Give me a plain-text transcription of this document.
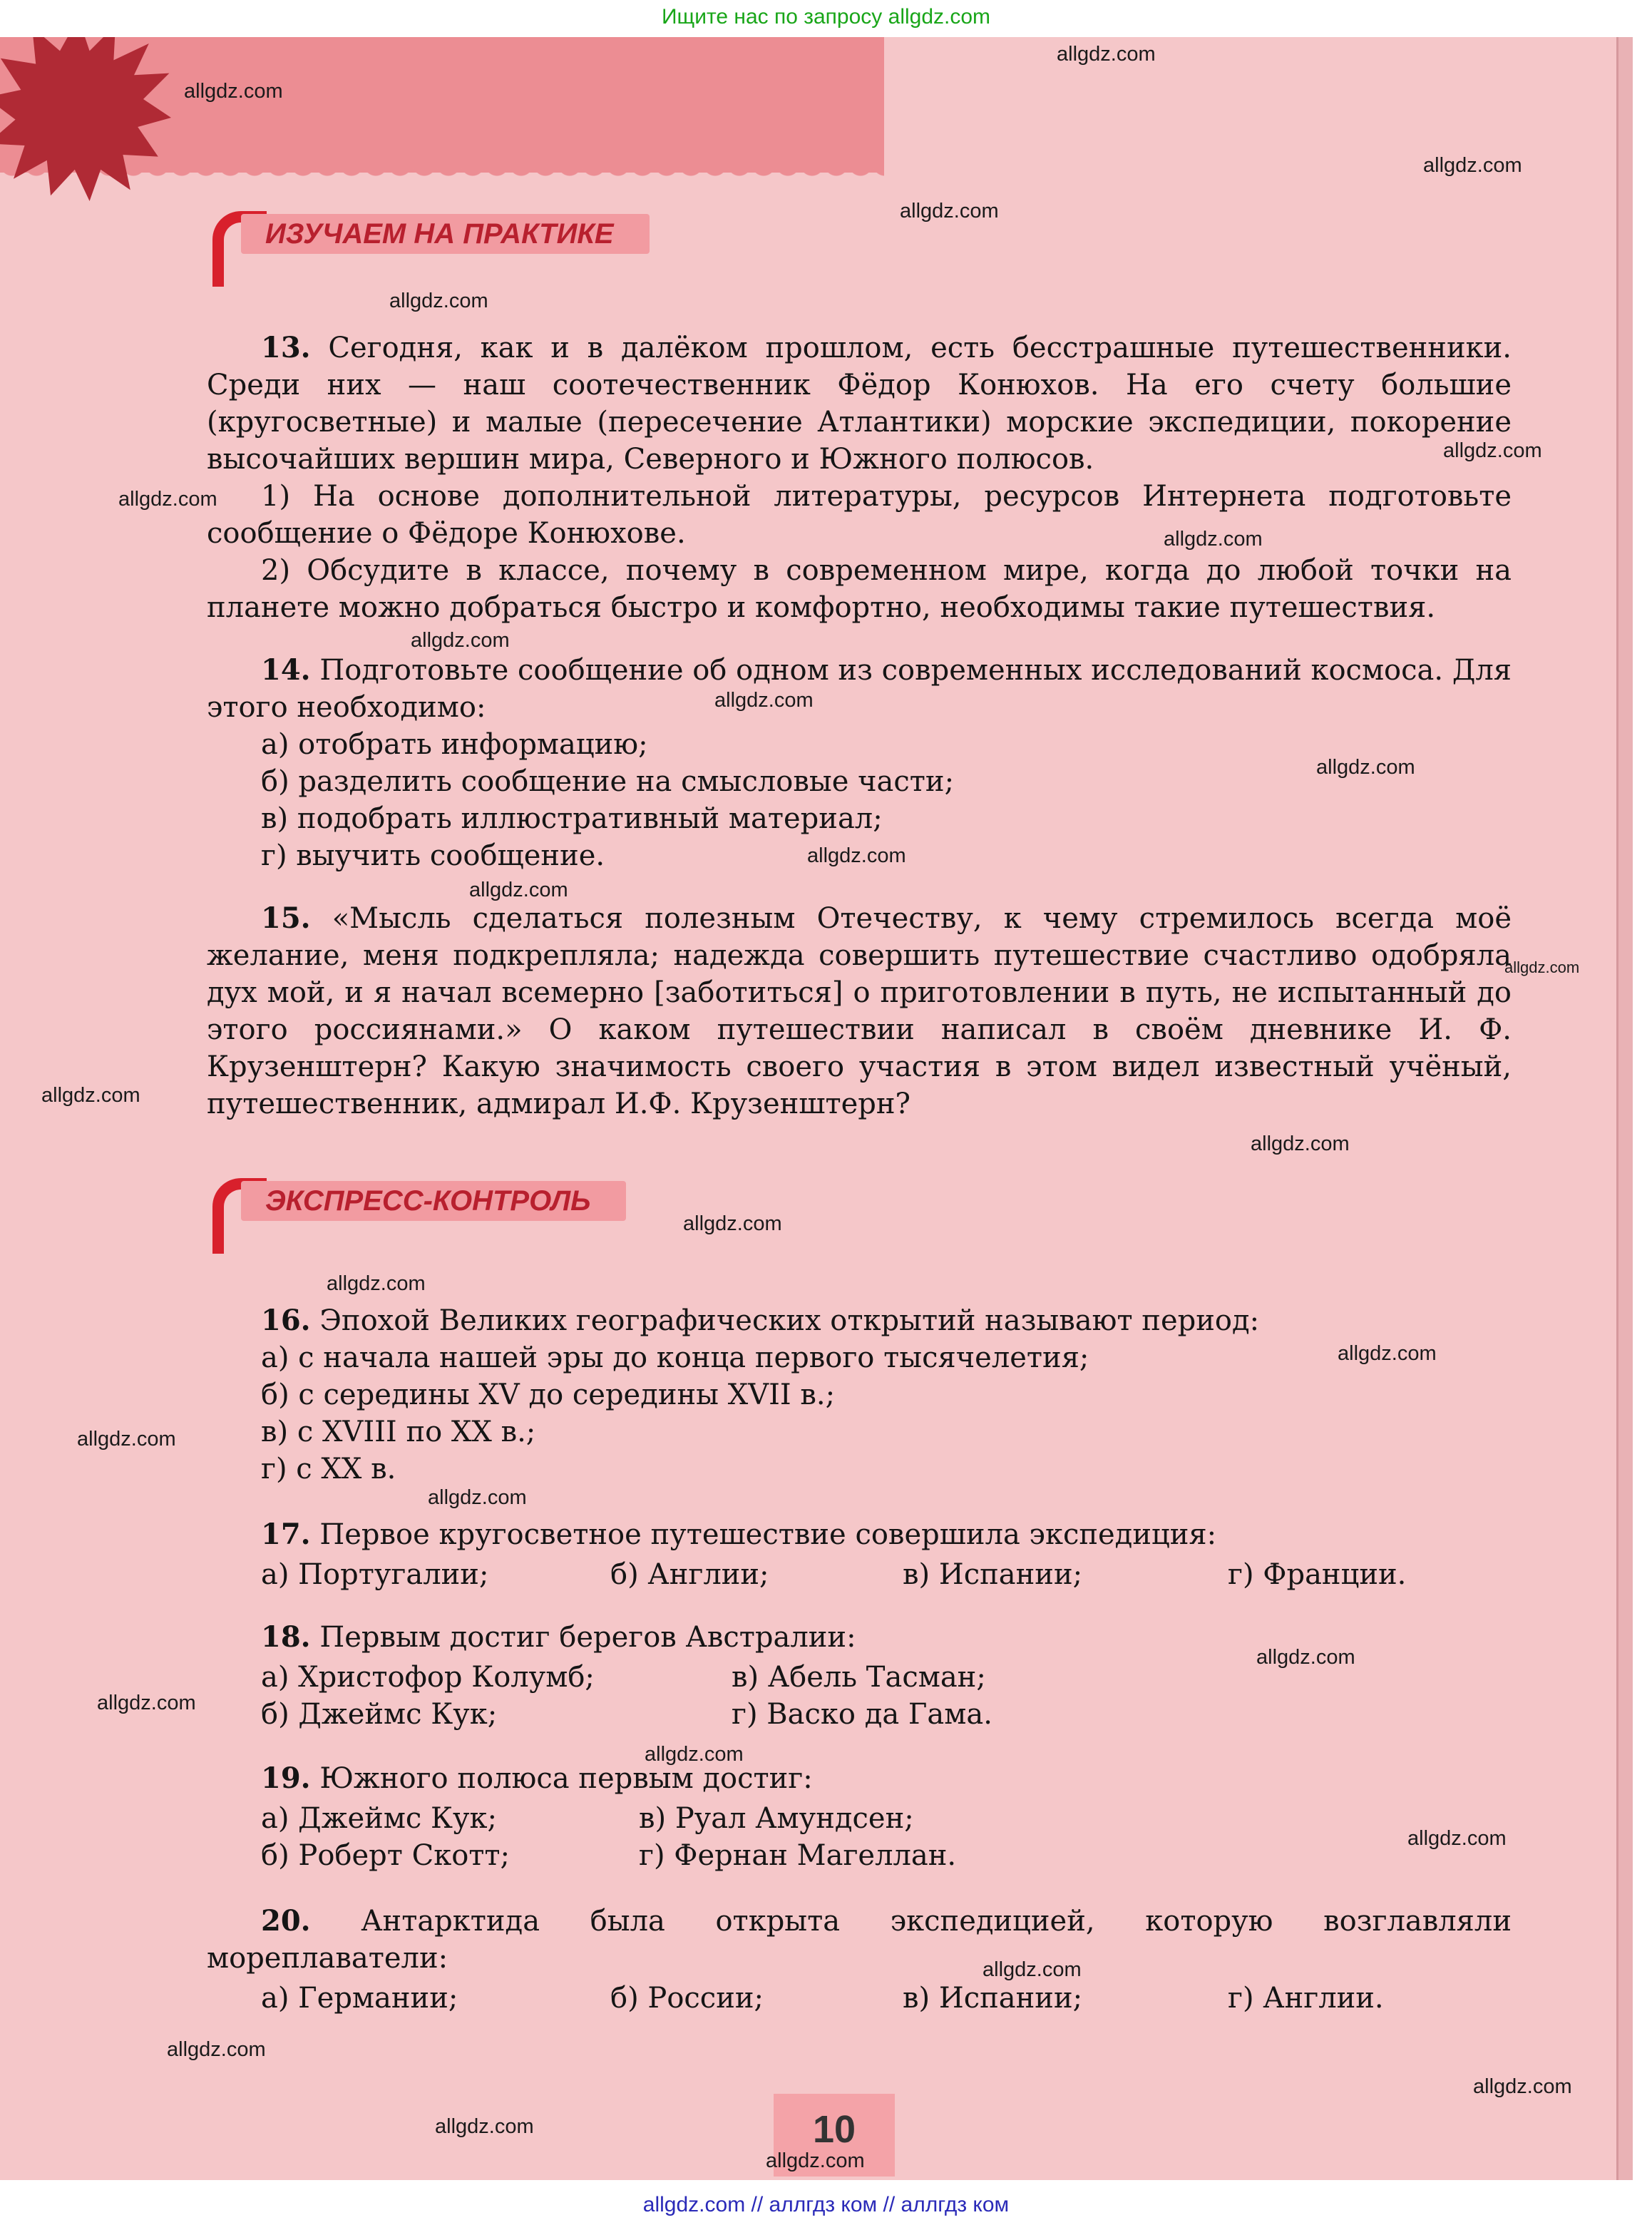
Ищите нас по запросу allgdz.com
ИЗУЧАЕМ НА ПРАКТИКЕ

13. Сегодня, как и в далёком прошлом, есть бесстрашные путешественники. Среди них — наш соотечественник Фёдор Конюхов. На его счету большие (кругосветные) и малые (пересечение Атлантики) морские экспедиции, покорение высочайших вершин мира, Северного и Южного полюсов.

1) На основе дополнительной литературы, ресурсов Интернета подготовьте сообщение о Фёдоре Конюхове.

2) Обсудите в классе, почему в современном мире, когда до любой точки на планете можно добраться быстро и комфортно, необходимы такие путешествия.

14. Подготовьте сообщение об одном из современных исследований космоса. Для этого необходимо:

а) отобрать информацию;

б) разделить сообщение на смысловые части;

в) подобрать иллюстративный материал;

г) выучить сообщение.

15. «Мысль сделаться полезным Отечеству, к чему стремилось всегда моё желание, меня подкрепляла; надежда совершить путешествие счастливо одобряла дух мой, и я начал всемерно [заботиться] о приготовлении в путь, не испытанный до этого россиянами.» О каком путешествии написал в своём дневнике И. Ф. Крузенштерн? Какую значимость своего участия в этом видел известный учёный, путешественник, адмирал И.Ф. Крузенштерн?

ЭКСПРЕСС-КОНТРОЛЬ

16. Эпохой Великих географических открытий называют период:

а) с начала нашей эры до конца первого тысячелетия;

б) с середины XV до середины XVII в.;

в) с XVIII по XX в.;

г) с XX в.

17. Первое кругосветное путешествие совершила экспедиция:

а) Португалии;	б) Англии;	в) Испании;	г) Франции.

18. Первым достиг берегов Австралии:

а) Христофор Колумб;	в) Абель Тасман;
б) Джеймс Кук;	г) Васко да Гама.

19. Южного полюса первым достиг:

а) Джеймс Кук;	в) Руал Амундсен;
б) Роберт Скотт;	г) Фернан Магеллан.

20. Антарктида была открыта экспедицией, которую возглавляли мореплаватели:

а) Германии;	б) России;	в) Испании;	г) Англии.
10
allgdz.com
allgdz.com
allgdz.com
allgdz.com
allgdz.com
allgdz.com
allgdz.com
allgdz.com
allgdz.com
allgdz.com
allgdz.com
allgdz.com
allgdz.com
allgdz.com
allgdz.com
allgdz.com
allgdz.com
allgdz.com
allgdz.com
allgdz.com
allgdz.com
allgdz.com
allgdz.com
allgdz.com
allgdz.com
allgdz.com
allgdz.com
allgdz.com
allgdz.com
allgdz.com
allgdz.com // аллгдз ком // аллгдз ком
